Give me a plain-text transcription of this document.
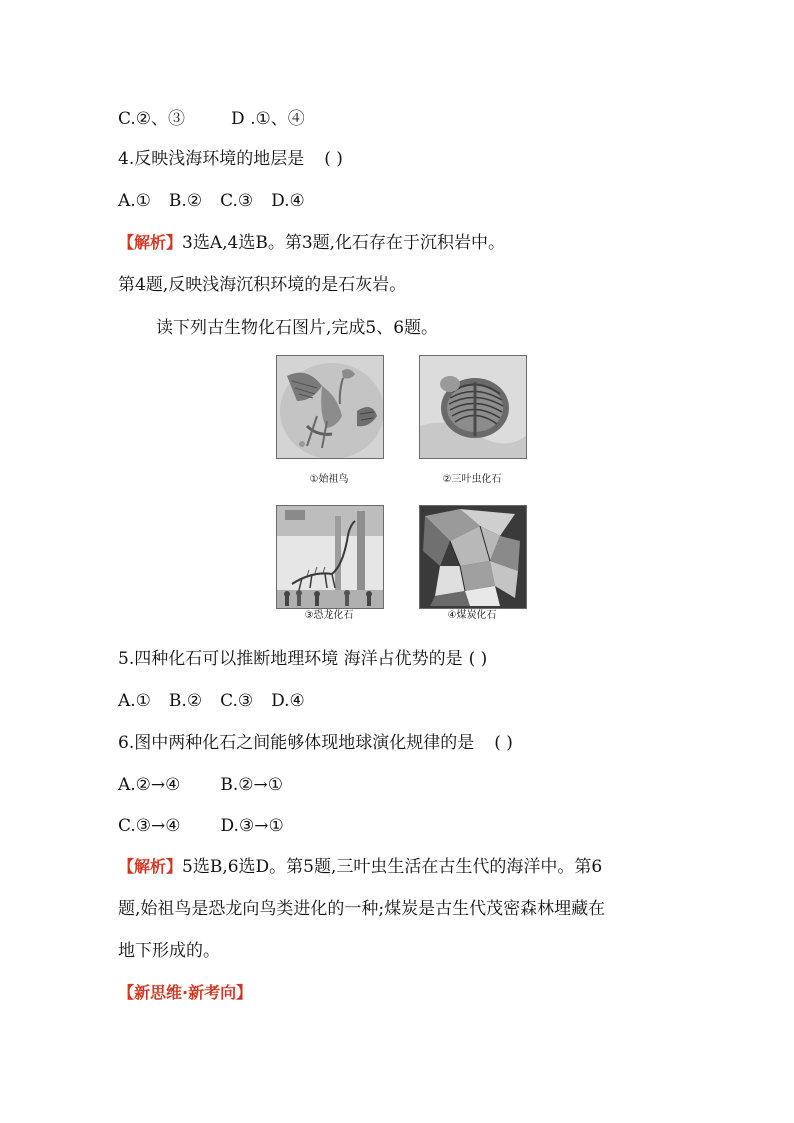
C.②、③	D .①、④
4.反映浅海环境的地层是 ( )
A.① B.② C.③ D.④
【解析】3选A,4选B。第3题,化石存在于沉积岩中。
第4题,反映浅海沉积环境的是石灰岩。
读下列古生物化石图片,完成5、6题。
①始祖鸟	②三叶虫化石
③恐龙化石	④煤炭化石
5.四种化石可以推断地理环境 海洋占优势的是 ( )
A.① B.② C.③ D.④
6.图中两种化石之间能够体现地球演化规律的是 ( )
A.②→④ B.②→①
C.③→④ D.③→①
【解析】5选B,6选D。第5题,三叶虫生活在古生代的海洋中。第6
题,始祖鸟是恐龙向鸟类进化的一种;煤炭是古生代茂密森林埋藏在
地下形成的。
【新思维·新考向】
